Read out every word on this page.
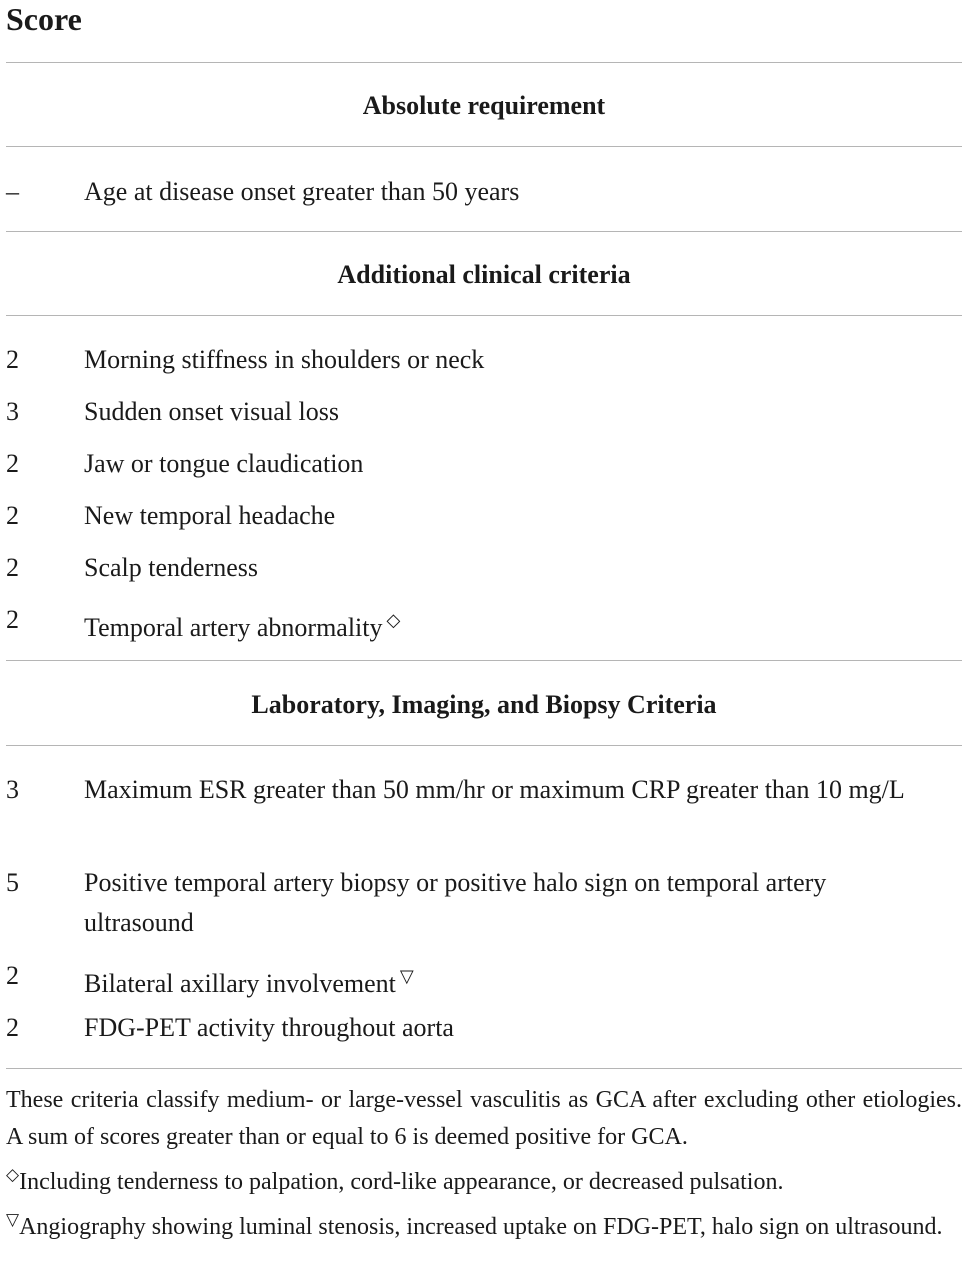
Score
Absolute requirement
–	Age at disease onset greater than 50 years
Additional clinical criteria
2	Morning stiffness in shoulders or neck
3	Sudden onset visual loss
2	Jaw or tongue claudication
2	New temporal headache
2	Scalp tenderness
2	Temporal artery abnormality ◇
Laboratory, Imaging, and Biopsy Criteria
3	Maximum ESR greater than 50 mm/hr or maximum CRP greater than 10 mg/L
5	Positive temporal artery biopsy or positive halo sign on temporal artery ultrasound
2	Bilateral axillary involvement ▽
2	FDG-PET activity throughout aorta

These criteria classify medium- or large-vessel vasculitis as GCA after excluding other etiologies. A sum of scores greater than or equal to 6 is deemed positive for GCA.

◇Including tenderness to palpation, cord-like appearance, or decreased pulsation.

▽Angiography showing luminal stenosis, increased uptake on FDG-PET, halo sign on ultrasound.
